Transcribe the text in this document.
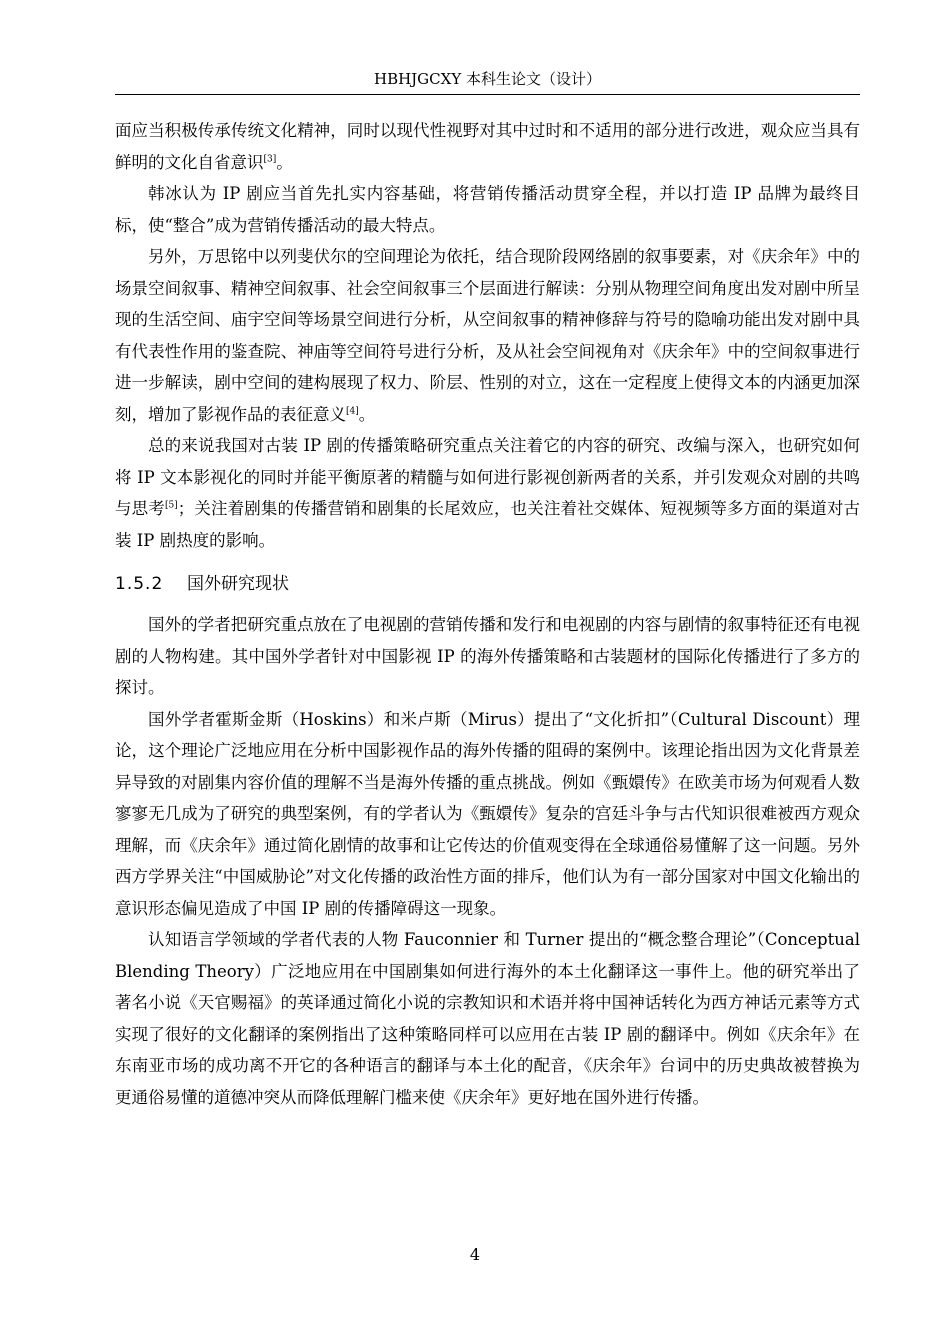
HBHJGCXY 本科生论文（设计）

面应当积极传承传统文化精神，同时以现代性视野对其中过时和不适用的部分进行改进，观众应当具有鲜明的文化自省意识[3]。

韩冰认为 IP 剧应当首先扎实内容基础，将营销传播活动贯穿全程，并以打造 IP 品牌为最终目标，使“整合”成为营销传播活动的最大特点。

另外，万思铭中以列斐伏尔的空间理论为依托，结合现阶段网络剧的叙事要素，对《庆余年》中的场景空间叙事、精神空间叙事、社会空间叙事三个层面进行解读：分别从物理空间角度出发对剧中所呈现的生活空间、庙宇空间等场景空间进行分析，从空间叙事的精神修辞与符号的隐喻功能出发对剧中具有代表性作用的鉴查院、神庙等空间符号进行分析，及从社会空间视角对《庆余年》中的空间叙事进行进一步解读，剧中空间的建构展现了权力、阶层、性别的对立，这在一定程度上使得文本的内涵更加深刻，增加了影视作品的表征意义[4]。

总的来说我国对古装 IP 剧的传播策略研究重点关注着它的内容的研究、改编与深入，也研究如何将 IP 文本影视化的同时并能平衡原著的精髓与如何进行影视创新两者的关系，并引发观众对剧的共鸣与思考[5]；关注着剧集的传播营销和剧集的长尾效应，也关注着社交媒体、短视频等多方面的渠道对古装 IP 剧热度的影响。

1.5.2 国外研究现状

国外的学者把研究重点放在了电视剧的营销传播和发行和电视剧的内容与剧情的叙事特征还有电视剧的人物构建。其中国外学者针对中国影视 IP 的海外传播策略和古装题材的国际化传播进行了多方的探讨。

国外学者霍斯金斯（Hoskins）和米卢斯（Mirus）提出了“文化折扣”（Cultural Discount）理论，这个理论广泛地应用在分析中国影视作品的海外传播的阻碍的案例中。该理论指出因为文化背景差异导致的对剧集内容价值的理解不当是海外传播的重点挑战。例如《甄嬛传》在欧美市场为何观看人数寥寥无几成为了研究的典型案例，有的学者认为《甄嬛传》复杂的宫廷斗争与古代知识很难被西方观众理解，而《庆余年》通过简化剧情的故事和让它传达的价值观变得在全球通俗易懂解了这一问题。另外西方学界关注“中国威胁论”对文化传播的政治性方面的排斥，他们认为有一部分国家对中国文化输出的意识形态偏见造成了中国 IP 剧的传播障碍这一现象。

认知语言学领域的学者代表的人物 Fauconnier 和 Turner 提出的“概念整合理论”（Conceptual Blending Theory）广泛地应用在中国剧集如何进行海外的本土化翻译这一事件上。他的研究举出了著名小说《天官赐福》的英译通过简化小说的宗教知识和术语并将中国神话转化为西方神话元素等方式实现了很好的文化翻译的案例指出了这种策略同样可以应用在古装 IP 剧的翻译中。例如《庆余年》在东南亚市场的成功离不开它的各种语言的翻译与本土化的配音，《庆余年》台词中的历史典故被替换为更通俗易懂的道德冲突从而降低理解门槛来使《庆余年》更好地在国外进行传播。

4
